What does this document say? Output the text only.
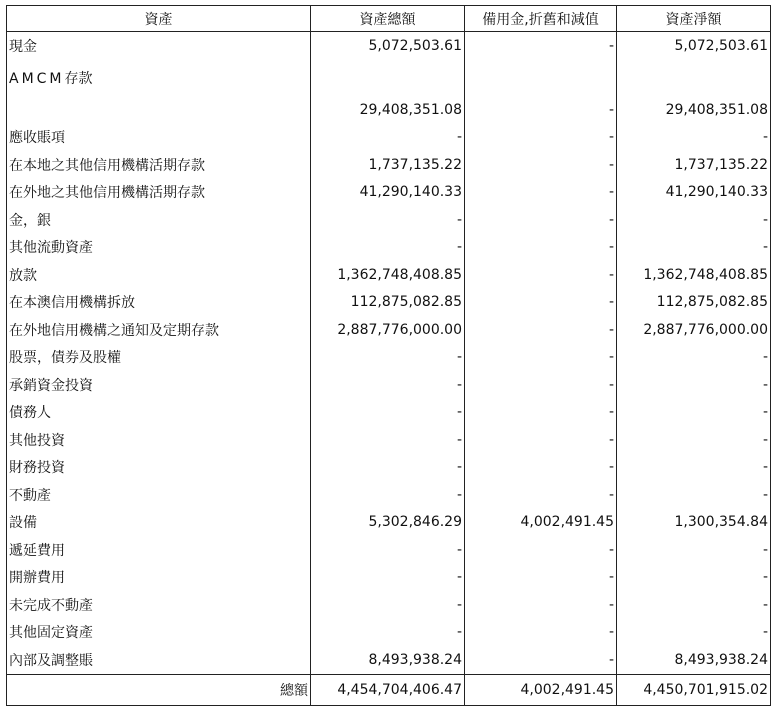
資產	資產總額	備用金,折舊和減值	資產淨額
現金	5,072,503.61	-	5,072,503.61
AMCM存款	29,408,351.08	-	29,408,351.08
應收賬項	-	-	-
在本地之其他信用機構活期存款	1,737,135.22	-	1,737,135.22
在外地之其他信用機構活期存款	41,290,140.33	-	41,290,140.33
金，銀	-	-	-
其他流動資產	-	-	-
放款	1,362,748,408.85	-	1,362,748,408.85
在本澳信用機構拆放	112,875,082.85	-	112,875,082.85
在外地信用機構之通知及定期存款	2,887,776,000.00	-	2,887,776,000.00
股票，債券及股權	-	-	-
承銷資金投資	-	-	-
債務人	-	-	-
其他投資	-	-	-
財務投資	-	-	-
不動產	-	-	-
設備	5,302,846.29	4,002,491.45	1,300,354.84
遞延費用	-	-	-
開辦費用	-	-	-
未完成不動產	-	-	-
其他固定資產	-	-	-
內部及調整賬	8,493,938.24	-	8,493,938.24
總額	4,454,704,406.47	4,002,491.45	4,450,701,915.02
